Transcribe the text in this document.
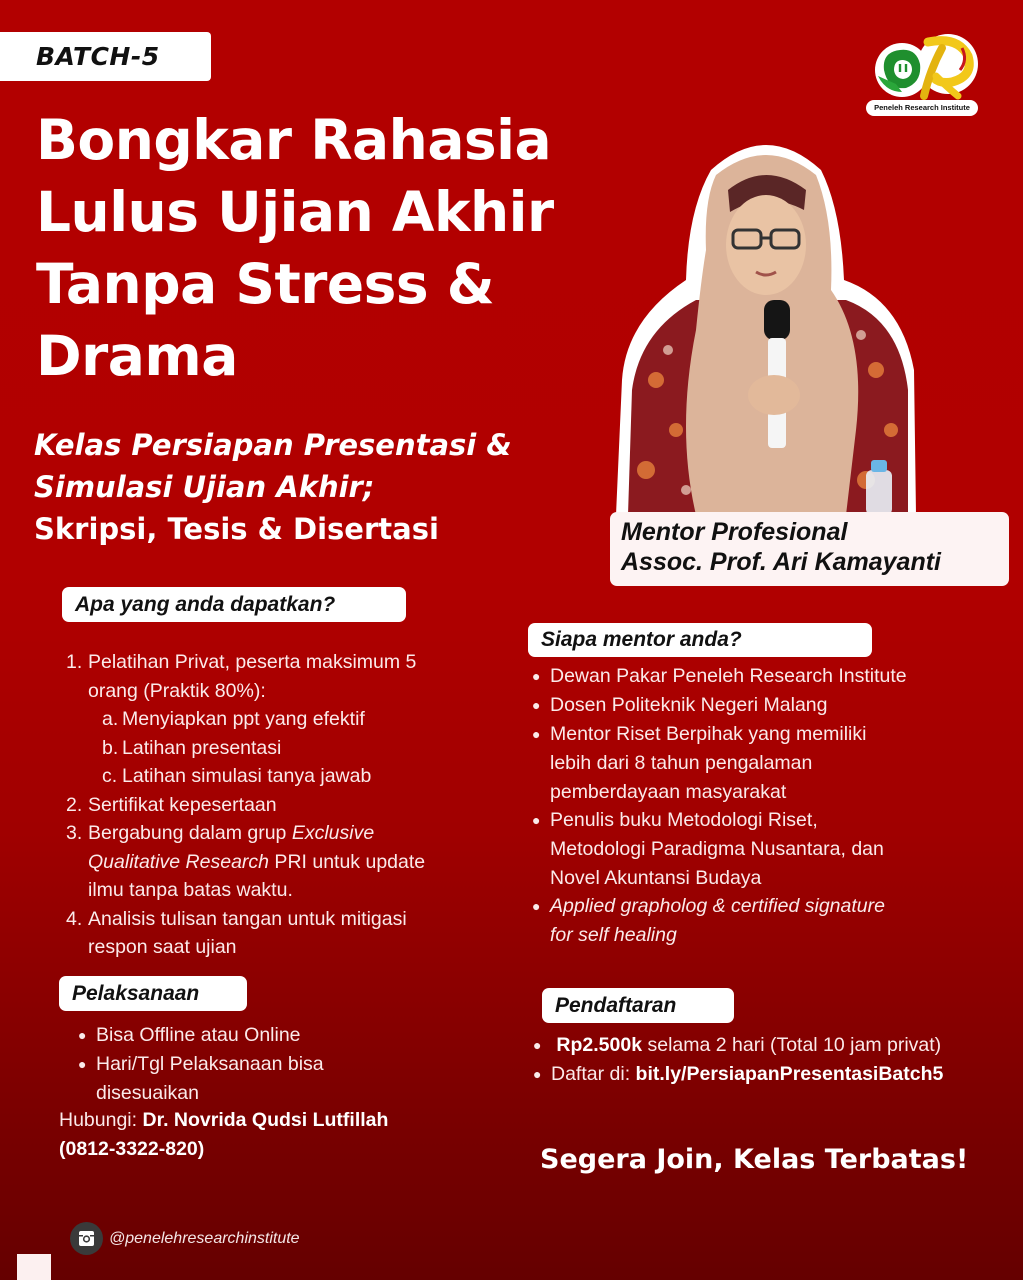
BATCH-5
Peneleh Research Institute
Bongkar Rahasia
Lulus Ujian Akhir
Tanpa Stress &
Drama
Kelas Persiapan Presentasi &
Simulasi Ujian Akhir;
Skripsi, Tesis & Disertasi	Mentor Profesional
Assoc. Prof. Ari Kamayanti
Apa yang anda dapatkan?
1. Pelatihan Privat, peserta maksimum 5
orang (Praktik 80%):
a. Menyiapkan ppt yang efektif
b. Latihan presentasi
c. Latihan simulasi tanya jawab
2. Sertifikat kepesertaan
3. Bergabung dalam grup Exclusive
Qualitative Research PRI untuk update
ilmu tanpa batas waktu.
4. Analisis tulisan tangan untuk mitigasi
respon saat ujian
Siapa mentor anda?
● Dewan Pakar Peneleh Research Institute
● Dosen Politeknik Negeri Malang
● Mentor Riset Berpihak yang memiliki
lebih dari 8 tahun pengalaman
pemberdayaan masyarakat
● Penulis buku Metodologi Riset,
Metodologi Paradigma Nusantara, dan
Novel Akuntansi Budaya
● Applied grapholog & certified signature
for self healing
Pelaksanaan
● Bisa Offline atau Online
● Hari/Tgl Pelaksanaan bisa
disesuaikan
Hubungi: Dr. Novrida Qudsi Lutfillah
(0812-3322-820)
Pendaftaran
● Rp2.500k selama 2 hari (Total 10 jam privat)
● Daftar di: bit.ly/PersiapanPresentasiBatch5
Segera Join, Kelas Terbatas!
@penelehresearchinstitute
